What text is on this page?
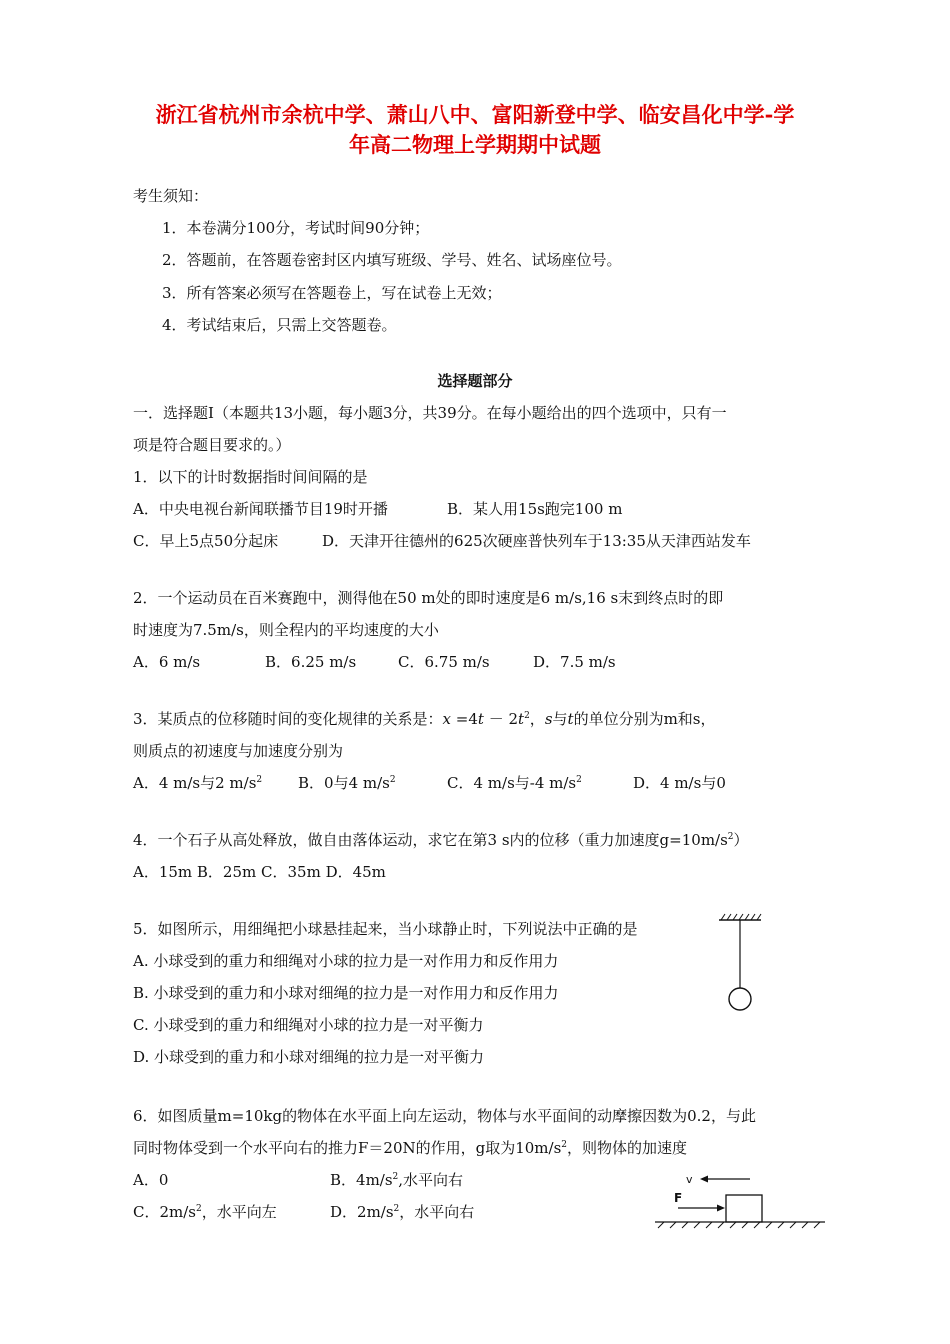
浙江省杭州市余杭中学、萧山八中、富阳新登中学、临安昌化中学-学
年高二物理上学期期中试题
考生须知：
1．本卷满分100分，考试时间90分钟；
2．答题前，在答题卷密封区内填写班级、学号、姓名、试场座位号。
3．所有答案必须写在答题卷上，写在试卷上无效；
4．考试结束后，只需上交答题卷。
选择题部分
一．选择题Ⅰ（本题共13小题，每小题3分，共39分。在每小题给出的四个选项中，只有一
项是符合题目要求的。）
1．以下的计时数据指时间间隔的是
A．中央电视台新闻联播节目19时开播	B．某人用15s跑完100 m
C．早上5点50分起床	D．天津开往德州的625次硬座普快列车于13:35从天津西站发车
2．一个运动员在百米赛跑中，测得他在50 m处的即时速度是6 m/s,16 s末到终点时的即
时速度为7.5m/s，则全程内的平均速度的大小
A．6 m/s	B．6.25 m/s	C．6.75 m/s	D．7.5 m/s
3．某质点的位移随时间的变化规律的关系是：$x =4t - 2t^2$，s与t的单位分别为m和s，
则质点的初速度与加速度分别为
A．4 m/s与2 $m/s^2$ B．0与4 $m/s^2$	C．4 m/s与-4 $m/s^2$	D．4 m/s与0
4．一个石子从高处释放，做自由落体运动，求它在第3 s内的位移（重力加速度$g=10m/s^2$）
A．15m B．25m C．35m D．45m
5．如图所示，用细绳把小球悬挂起来，当小球静止时，下列说法中正确的是
A. 小球受到的重力和细绳对小球的拉力是一对作用力和反作用力
B. 小球受到的重力和小球对细绳的拉力是一对作用力和反作用力
C. 小球受到的重力和细绳对小球的拉力是一对平衡力
D. 小球受到的重力和小球对细绳的拉力是一对平衡力
6．如图质量m=10kg的物体在水平面上向左运动，物体与水平面间的动摩擦因数为0.2，与此
同时物体受到一个水平向右的推力F＝20N的作用，g取为$10m/s^2$，则物体的加速度
A．0	B．$4m/s^2$,水平向右
C．$2m/s^2$，水平向左	D．$2m/s^2$，水平向右
v
F
